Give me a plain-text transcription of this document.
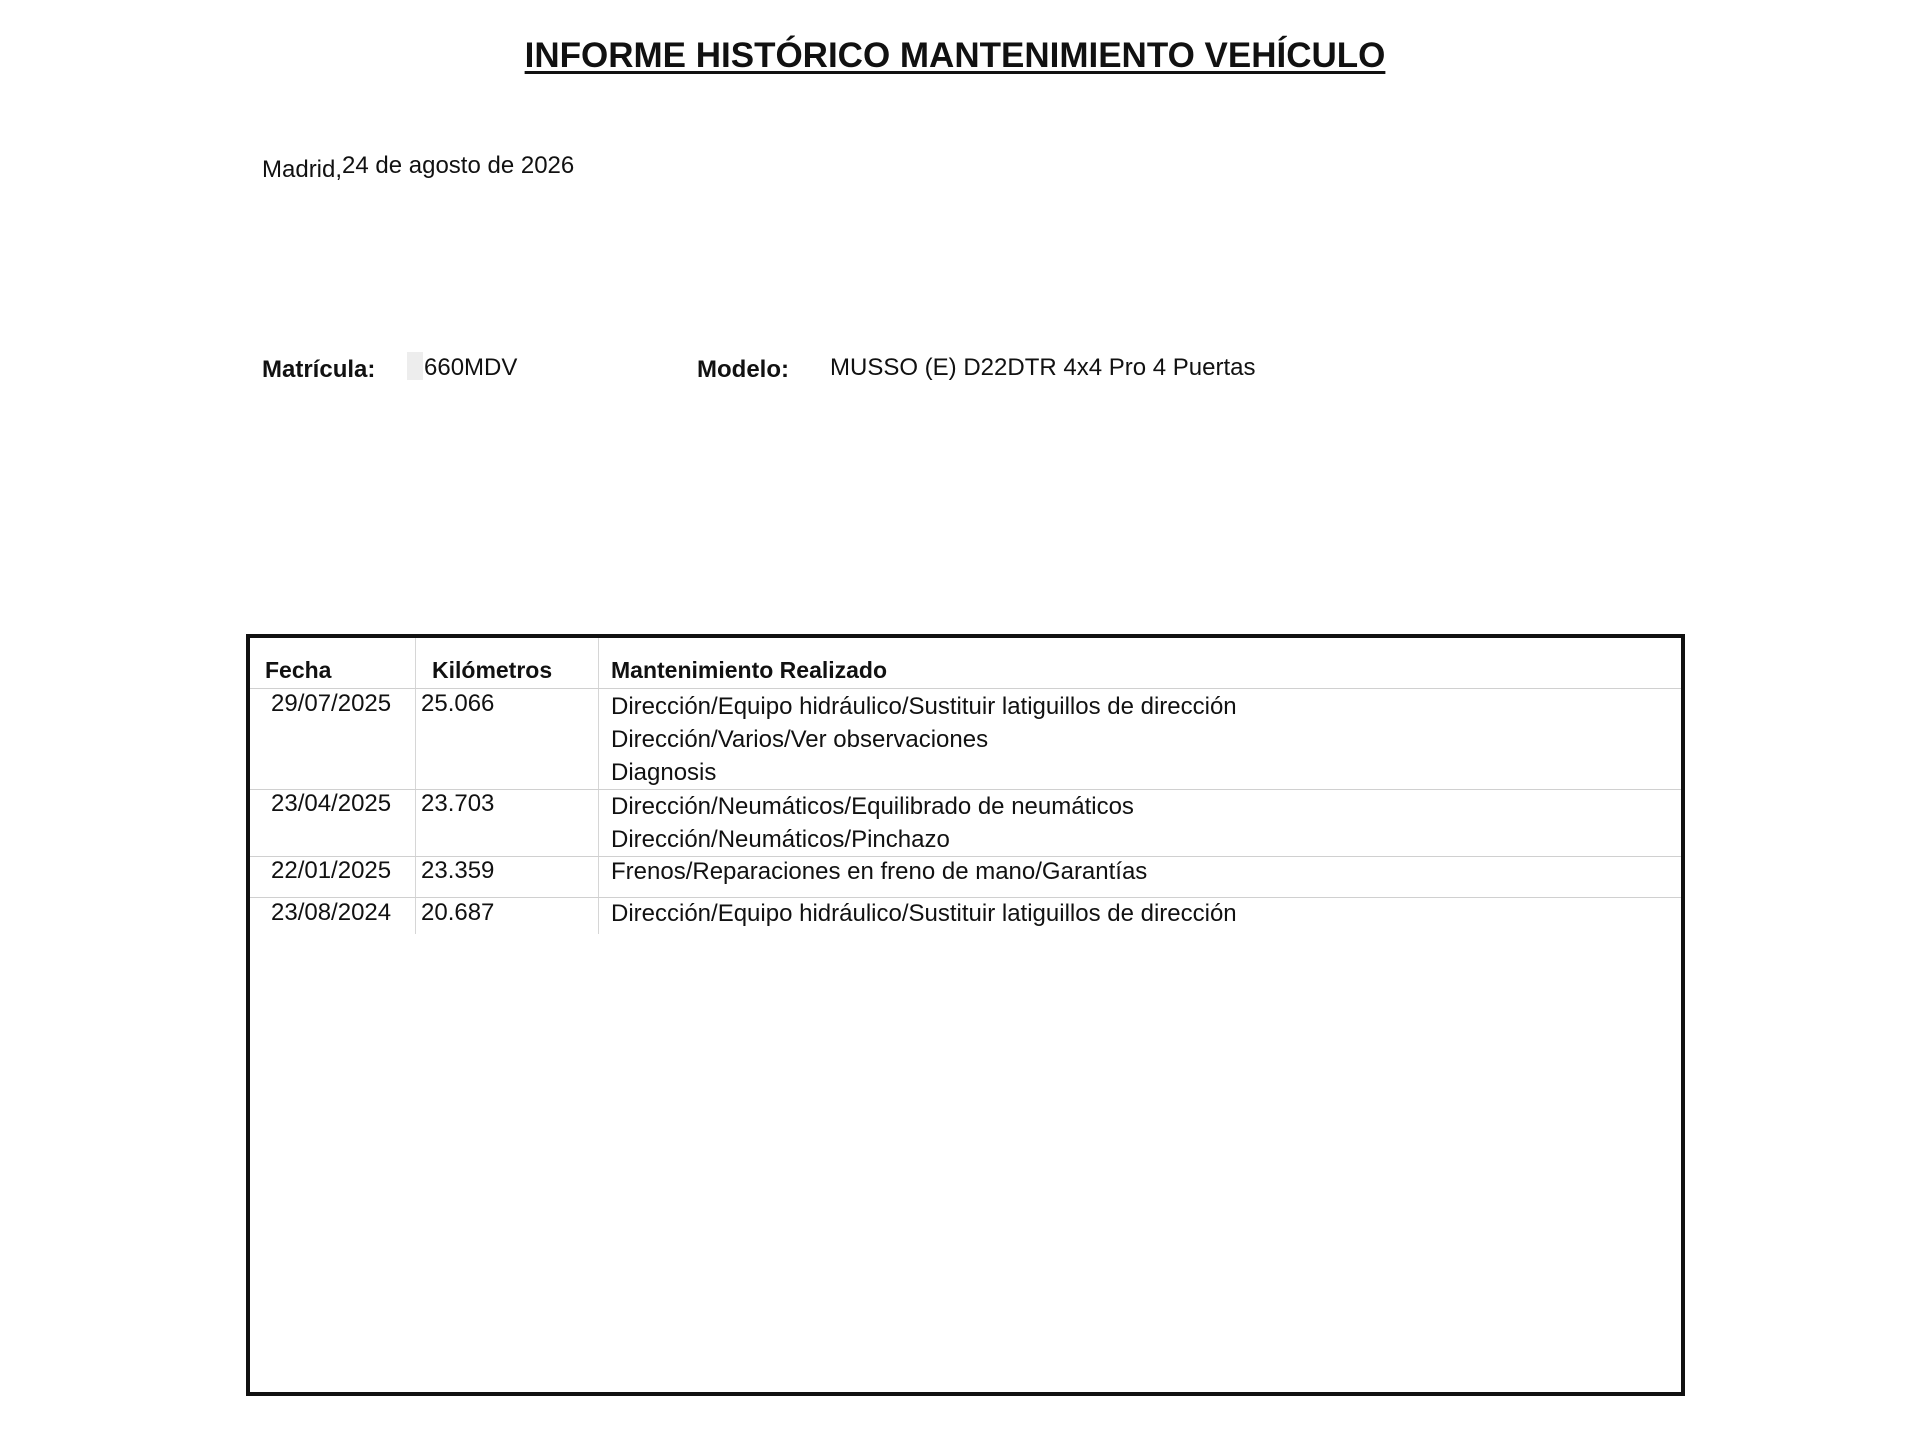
INFORME HISTÓRICO MANTENIMIENTO VEHÍCULO
Madrid,24 de agosto de 2026
Matrícula: 660MDV	Modelo: MUSSO (E) D22DTR 4x4 Pro 4 Puertas
Fecha	Kilómetros	Mantenimiento Realizado
29/07/2025 25.066	Dirección/Equipo hidráulico/Sustituir latiguillos de dirección
Dirección/Varios/Ver observaciones
Diagnosis
23/04/2025 23.703	Dirección/Neumáticos/Equilibrado de neumáticos
Dirección/Neumáticos/Pinchazo
22/01/2025 23.359	Frenos/Reparaciones en freno de mano/Garantías
23/08/2024 20.687	Dirección/Equipo hidráulico/Sustituir latiguillos de dirección
